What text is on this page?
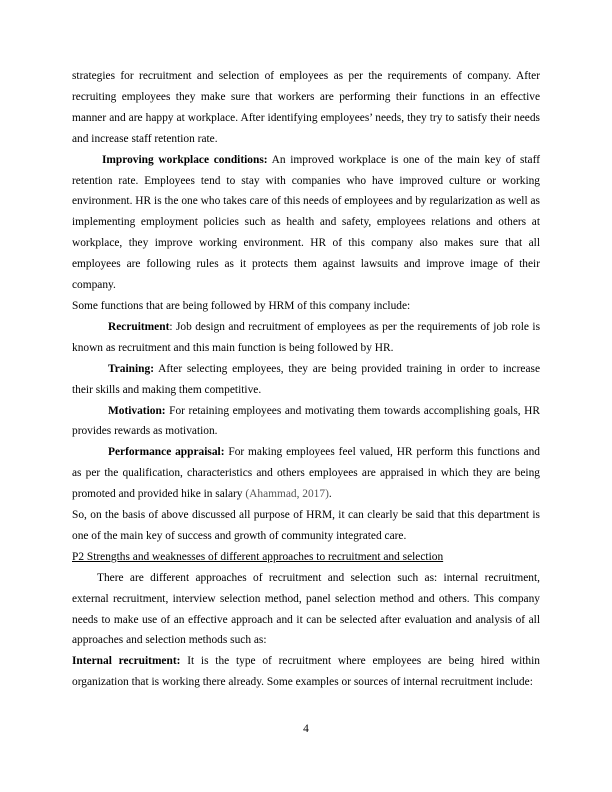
strategies for recruitment and selection of employees as per the requirements of company. After recruiting employees they make sure that workers are performing their functions in an effective manner and are happy at workplace. After identifying employees’ needs, they try to satisfy their needs and increase staff retention rate.

Improving workplace conditions: An improved workplace is one of the main key of staff retention rate. Employees tend to stay with companies who have improved culture or working environment. HR is the one who takes care of this needs of employees and by regularization as well as implementing employment policies such as health and safety, employees relations and others at workplace, they improve working environment. HR of this company also makes sure that all employees are following rules as it protects them against lawsuits and improve image of their company.

Some functions that are being followed by HRM of this company include:

Recruitment: Job design and recruitment of employees as per the requirements of job role is known as recruitment and this main function is being followed by HR.

Training: After selecting employees, they are being provided training in order to increase their skills and making them competitive.

Motivation: For retaining employees and motivating them towards accomplishing goals, HR provides rewards as motivation.

Performance appraisal: For making employees feel valued, HR perform this functions and as per the qualification, characteristics and others employees are appraised in which they are being promoted and provided hike in salary (Ahammad, 2017).

So, on the basis of above discussed all purpose of HRM, it can clearly be said that this department is one of the main key of success and growth of community integrated care.

P2 Strengths and weaknesses of different approaches to recruitment and selection

There are different approaches of recruitment and selection such as: internal recruitment, external recruitment, interview selection method, panel selection method and others. This company needs to make use of an effective approach and it can be selected after evaluation and analysis of all approaches and selection methods such as:

Internal recruitment: It is the type of recruitment where employees are being hired within organization that is working there already. Some examples or sources of internal recruitment include:

4
